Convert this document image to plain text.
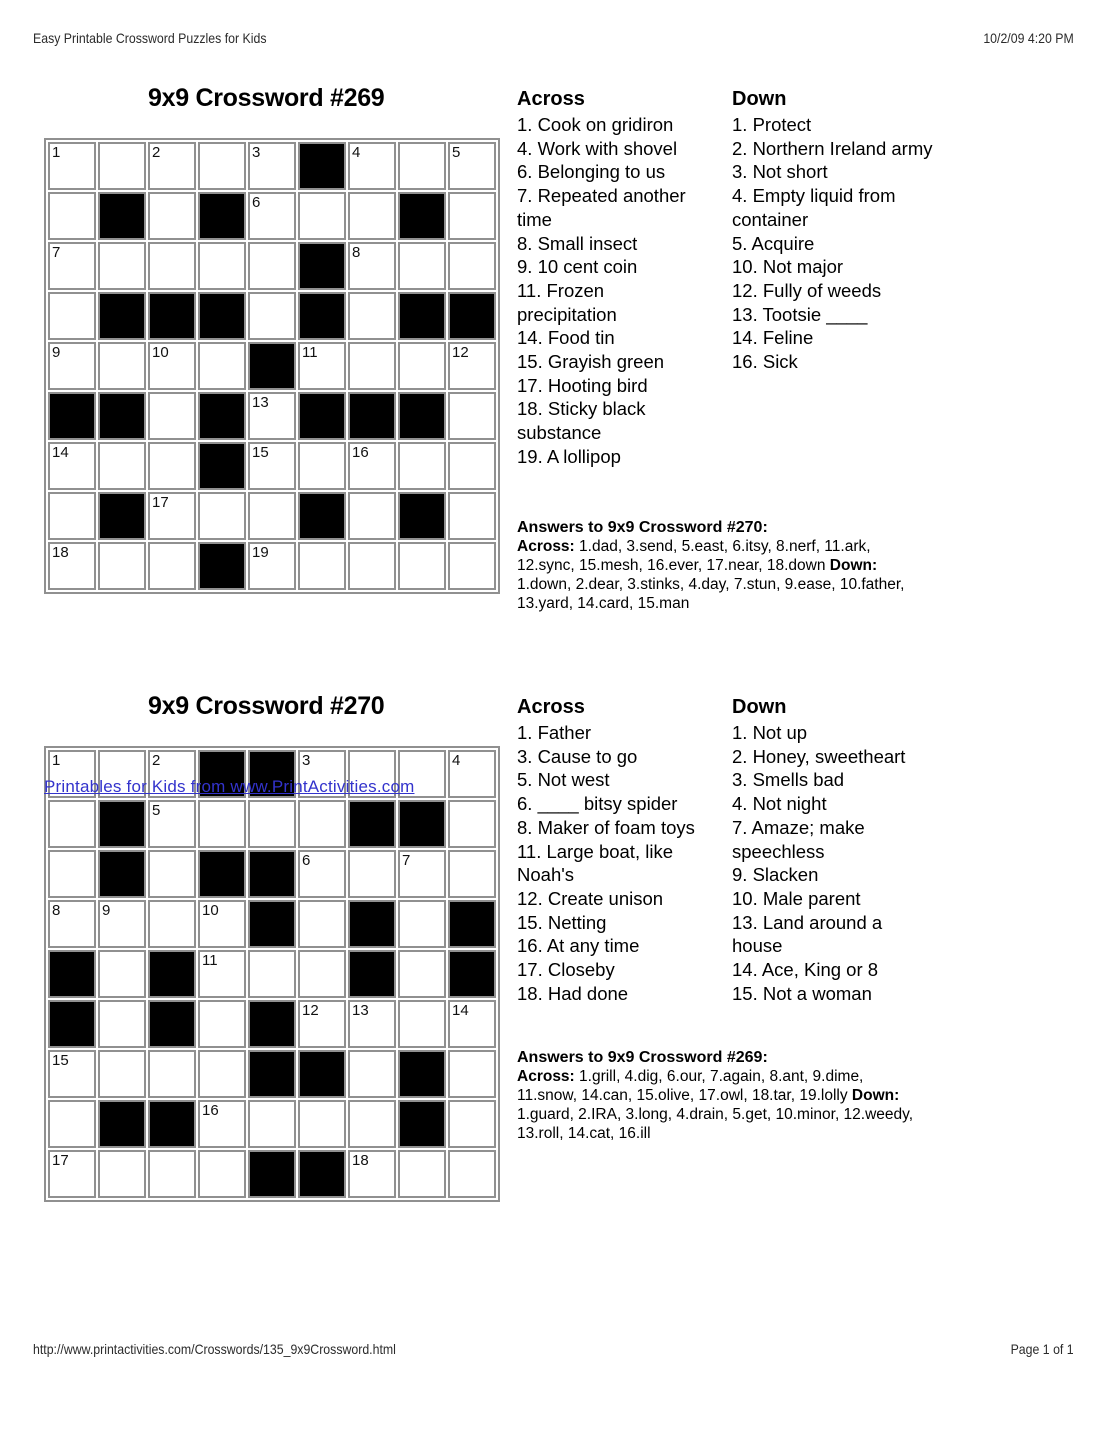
Easy Printable Crossword Puzzles for Kids	10/2/09 4:20 PM
9x9 Crossword #269
1		2		3		4		5

				6				

7						8		

9		10			11			12

				13				

14				15		16		

		17						

18				19				

Across
1. Cook on gridiron
4. Work with shovel
6. Belonging to us
7. Repeated another
time
8. Small insect
9. 10 cent coin
11. Frozen
precipitation
14. Food tin
15. Grayish green
17. Hooting bird
18. Sticky black
substance
19. A lollipop
Down
1. Protect
2. Northern Ireland army
3. Not short
4. Empty liquid from
container
5. Acquire
10. Not major
12. Fully of weeds
13. Tootsie ____
14. Feline
16. Sick
Answers to 9x9 Crossword #270:
Across: 1.dad, 3.send, 5.east, 6.itsy, 8.nerf, 11.ark,
12.sync, 15.mesh, 16.ever, 17.near, 18.down Down:
1.down, 2.dear, 3.stinks, 4.day, 7.stun, 9.ease, 10.father,
13.yard, 14.card, 15.man
9x9 Crossword #270
1		2			3			4

		5						

					6		7	

8	9		10					

			11					

					12	13		14

15								

			16					

17						18		

Across
1. Father
3. Cause to go
5. Not west
6. ____ bitsy spider
8. Maker of foam toys
11. Large boat, like
Noah's
12. Create unison
15. Netting
16. At any time
17. Closeby
18. Had done
Down
1. Not up
2. Honey, sweetheart
3. Smells bad
4. Not night
7. Amaze; make
speechless
9. Slacken
10. Male parent
13. Land around a
house
14. Ace, King or 8
15. Not a woman
Answers to 9x9 Crossword #269:
Across: 1.grill, 4.dig, 6.our, 7.again, 8.ant, 9.dime,
11.snow, 14.can, 15.olive, 17.owl, 18.tar, 19.lolly Down:
1.guard, 2.IRA, 3.long, 4.drain, 5.get, 10.minor, 12.weedy,
13.roll, 14.cat, 16.ill
Printables for Kids from www.PrintActivities.com
http://www.printactivities.com/Crosswords/135_9x9Crossword.html	Page 1 of 1
